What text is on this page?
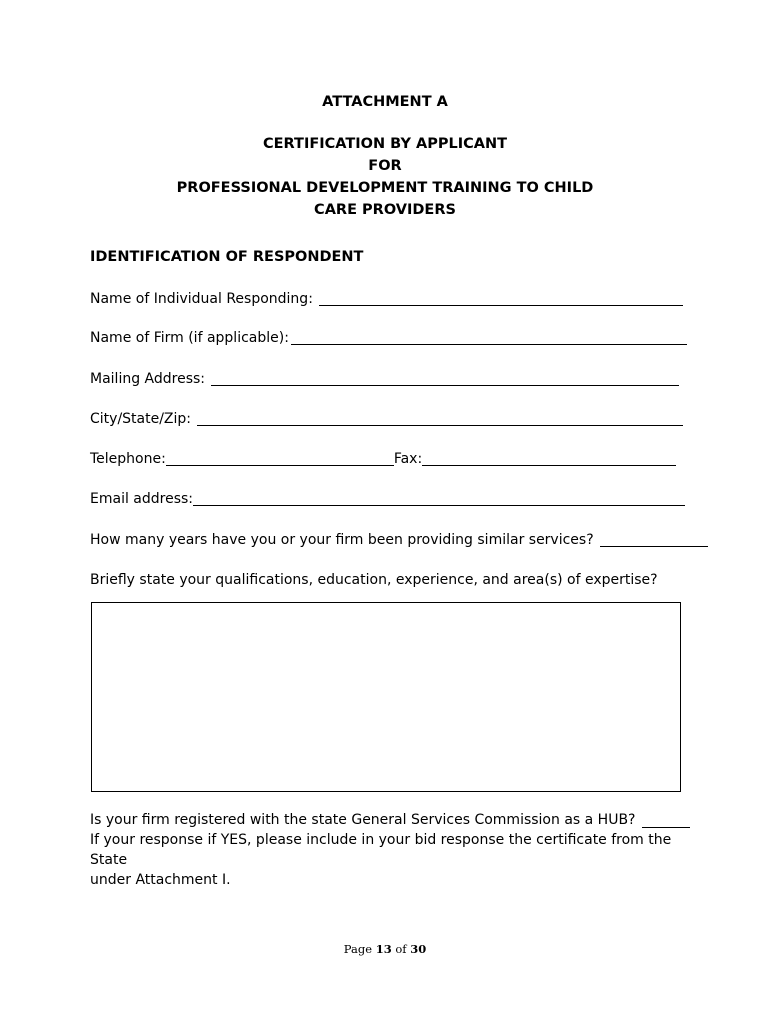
ATTACHMENT A
CERTIFICATION BY APPLICANT
FOR
PROFESSIONAL DEVELOPMENT TRAINING TO CHILD
CARE PROVIDERS
IDENTIFICATION OF RESPONDENT
Name of Individual Responding:
Name of Firm (if applicable):
Mailing Address:
City/State/Zip:
Telephone:	Fax:
Email address:
How many years have you or your firm been providing similar services?
Briefly state your qualifications, education, experience, and area(s) of expertise?
Is your firm registered with the state General Services Commission as a HUB?
If your response if YES, please include in your bid response the certificate from the State
under Attachment I.
Page 13 of 30
